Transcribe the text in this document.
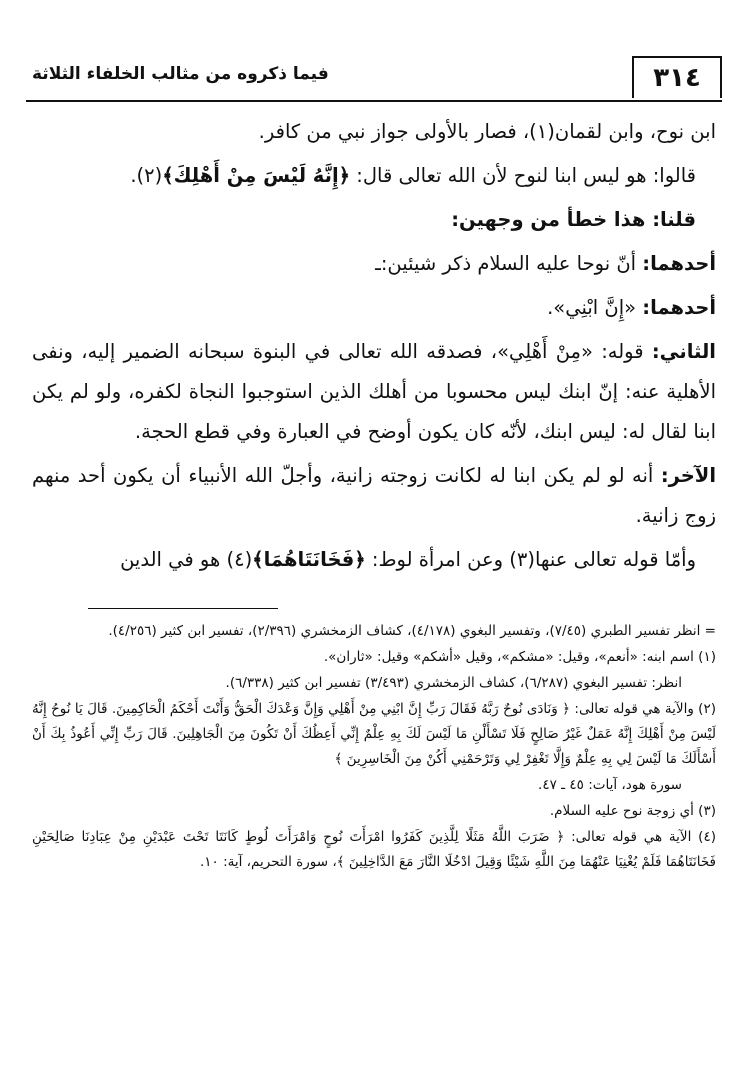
٣١٤
فيما ذكروه من مثالب الخلفاء الثلاثة

ابن نوح، وابن لقمان(١)، فصار بالأولى جواز نبي من كافر.

قالوا: هو ليس ابنا لنوح لأن الله تعالى قال: ﴿إِنَّهُ لَيْسَ مِنْ أَهْلِكَ﴾(٢).

قلنا: هذا خطأ من وجهين:

أحدهما: أنّ نوحا عليه السلام ذكر شيئين:ـ

أحدهما: «إِنَّ ابْنِي».

الثاني: قوله: «مِنْ أَهْلِي»، فصدقه الله تعالى في البنوة سبحانه الضمير إليه، ونفى الأهلية عنه: إنّ ابنك ليس محسوبا من أهلك الذين استوجبوا النجاة لكفره، ولو لم يكن ابنا لقال له: ليس ابنك، لأنّه كان يكون أوضح في العبارة وفي قطع الحجة.

الآخر: أنه لو لم يكن ابنا له لكانت زوجته زانية، وأجلّ الله الأنبياء أن يكون أحد منهم زوج زانية.

وأمّا قوله تعالى عنها(٣) وعن امرأة لوط: ﴿فَخَانَتَاهُمَا﴾(٤) هو في الدين

= انظر تفسير الطبري (٧/٤٥)، وتفسير البغوي (٤/١٧٨)، كشاف الزمخشري (٢/٣٩٦)، تفسير ابن كثير (٤/٢٥٦).

(١) اسم ابنه: «أنعم»، وقيل: «مشكم»، وقيل «أشكم» وقيل: «ثاران».

انظر: تفسير البغوي (٦/٢٨٧)، كشاف الزمخشري (٣/٤٩٣) تفسير ابن كثير (٦/٣٣٨).

(٢) والآية هي قوله تعالى: ﴿ وَنَادَى نُوحٌ رَبَّهُ فَقَالَ رَبِّ إِنَّ ابْنِي مِنْ أَهْلِي وَإِنَّ وَعْدَكَ الْحَقُّ وَأَنْتَ أَحْكَمُ الْحَاكِمِينَ. قَالَ يَا نُوحُ إِنَّهُ لَيْسَ مِنْ أَهْلِكَ إِنَّهُ عَمَلٌ غَيْرُ صَالِحٍ فَلَا تَسْأَلْنِ مَا لَيْسَ لَكَ بِهِ عِلْمٌ إِنِّي أَعِظُكَ أَنْ تَكُونَ مِنَ الْجَاهِلِينَ. قَالَ رَبِّ إِنِّي أَعُوذُ بِكَ أَنْ أَسْأَلَكَ مَا لَيْسَ لِي بِهِ عِلْمٌ وَإِلَّا تَغْفِرْ لِي وَتَرْحَمْنِي أَكُنْ مِنَ الْخَاسِرِينَ ﴾

سورة هود، آيات: ٤٥ ـ ٤٧.

(٣) أي زوجة نوح عليه السلام.

(٤) الآية هي قوله تعالى: ﴿ ضَرَبَ اللَّهُ مَثَلًا لِلَّذِينَ كَفَرُوا امْرَأَتَ نُوحٍ وَامْرَأَتَ لُوطٍ كَانَتَا تَحْتَ عَبْدَيْنِ مِنْ عِبَادِنَا صَالِحَيْنِ فَخَانَتَاهُمَا فَلَمْ يُغْنِيَا عَنْهُمَا مِنَ اللَّهِ شَيْئًا وَقِيلَ ادْخُلَا النَّارَ مَعَ الدَّاخِلِينَ ﴾، سورة التحريم، آية: ١٠.
